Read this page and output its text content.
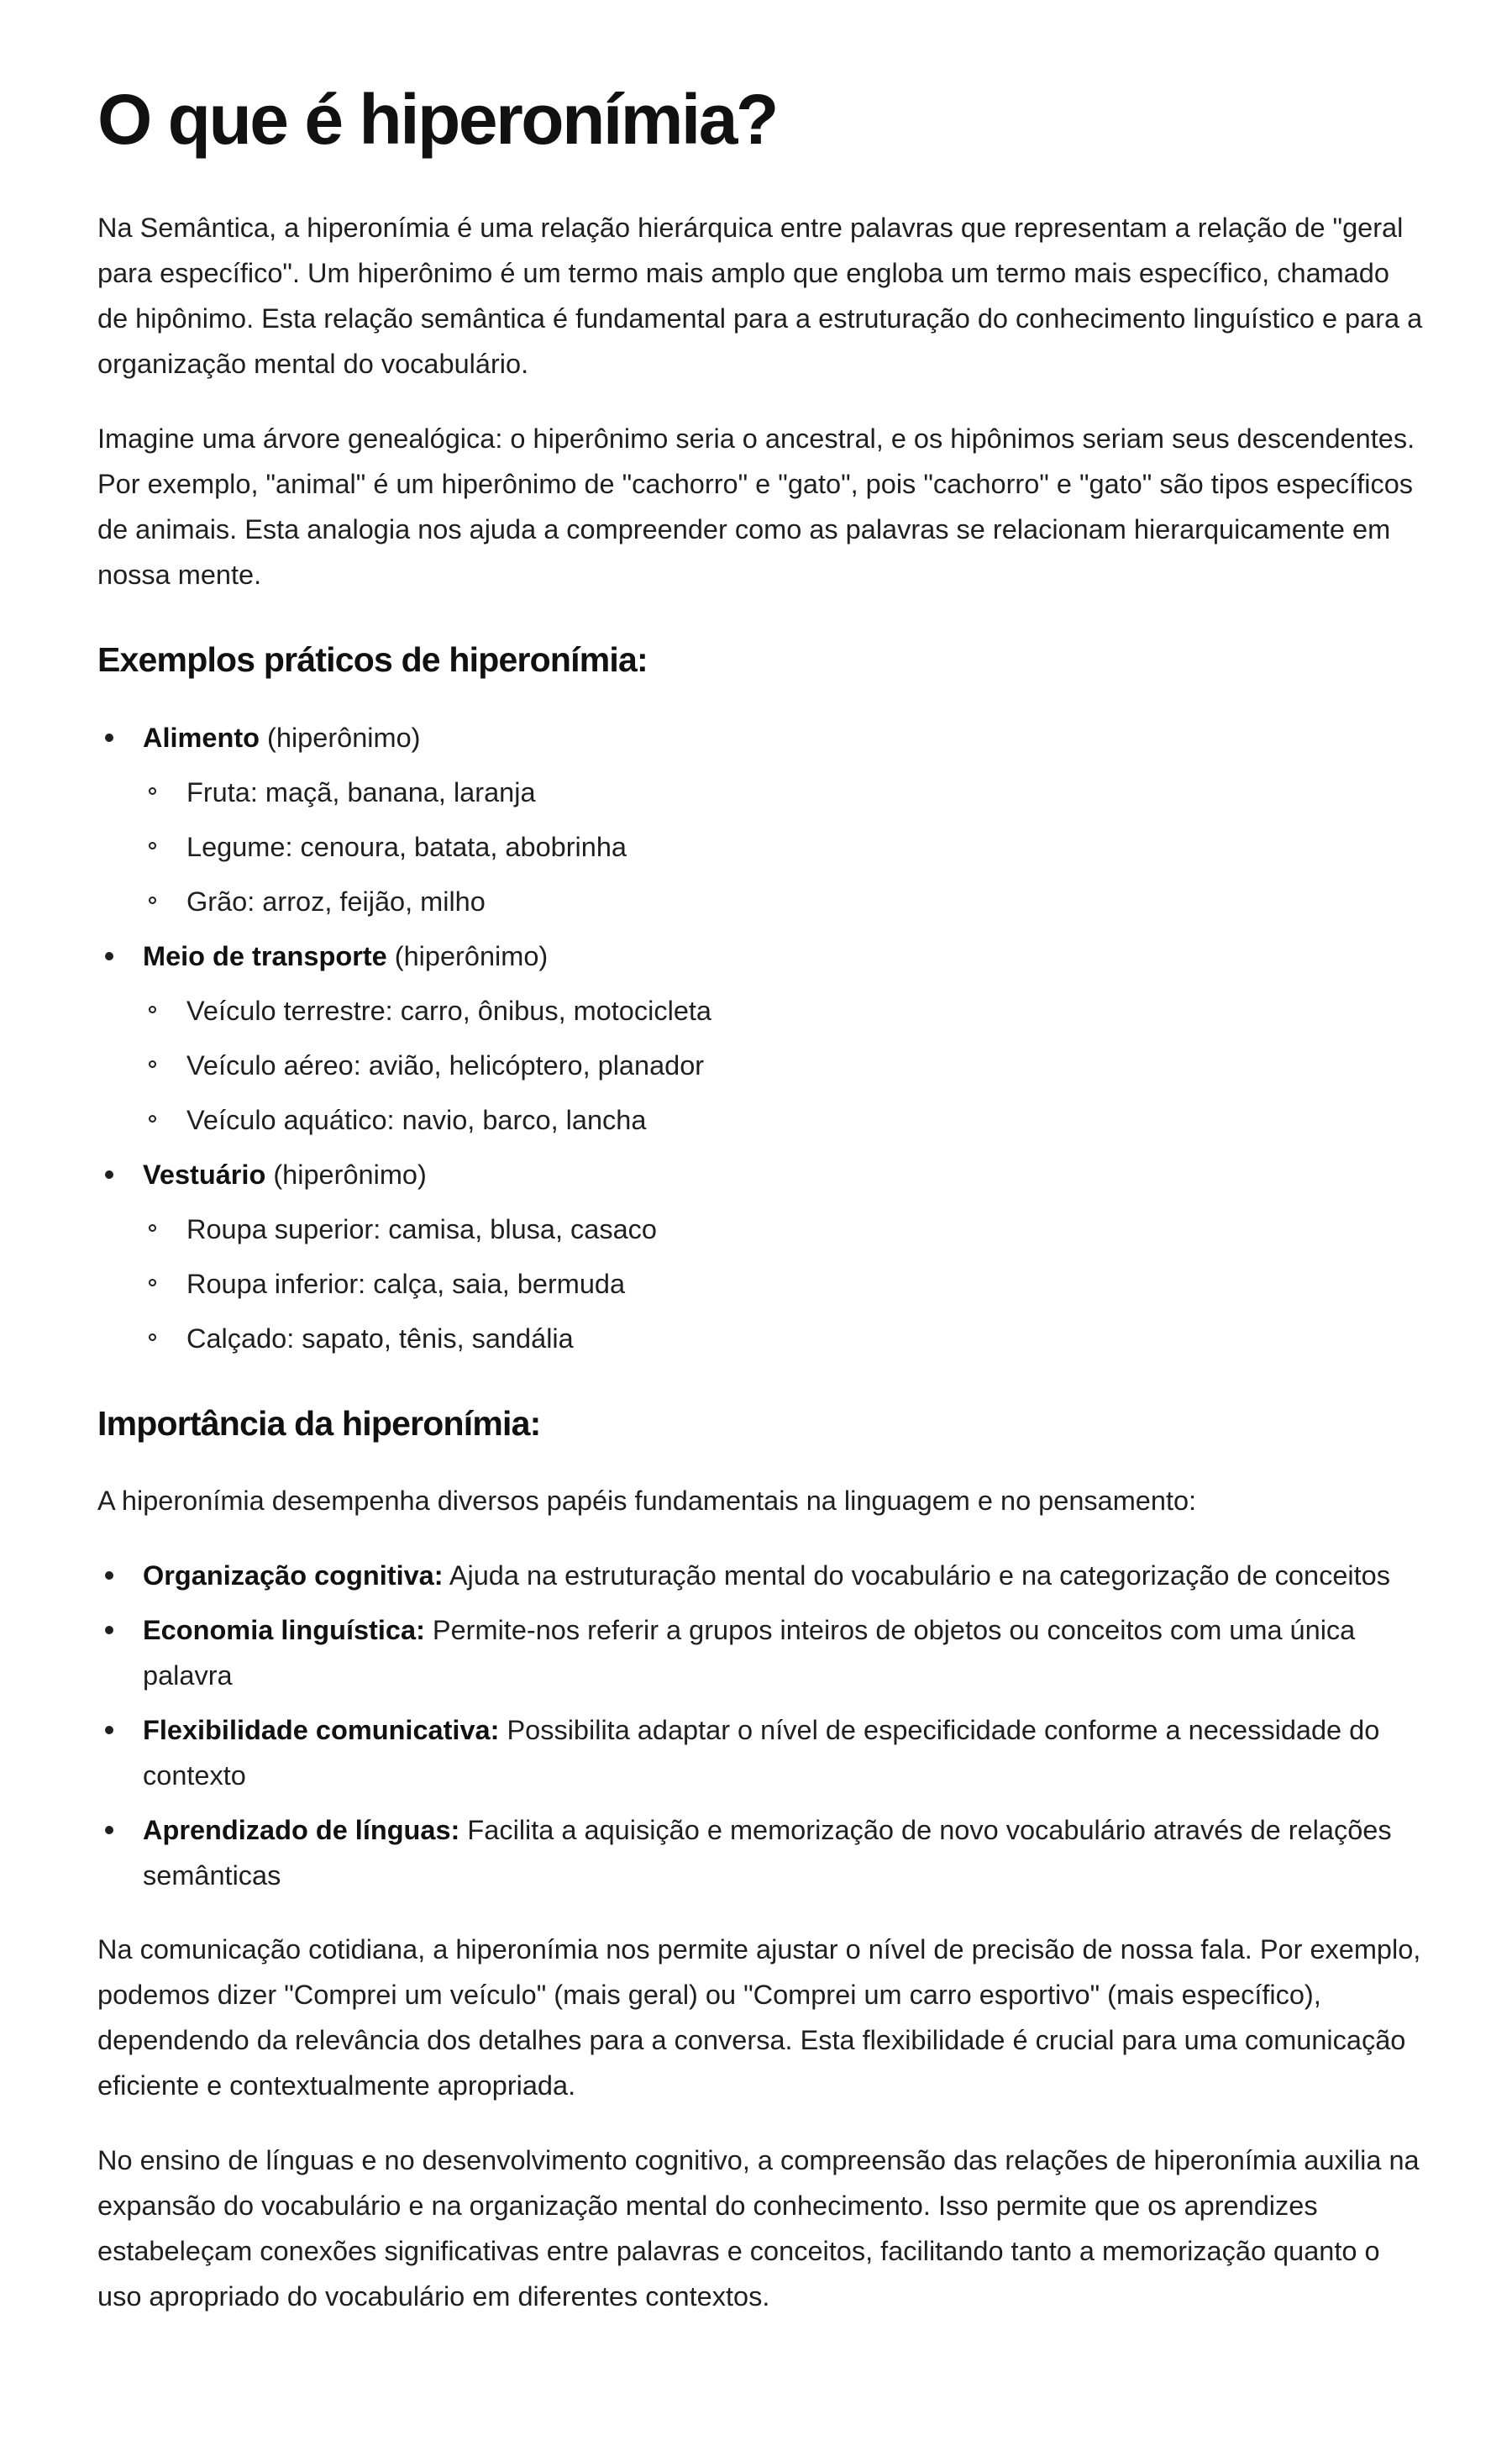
O que é hiperonímia?

Na Semântica, a hiperonímia é uma relação hierárquica entre palavras que representam a relação de "geral para específico". Um hiperônimo é um termo mais amplo que engloba um termo mais específico, chamado de hipônimo. Esta relação semântica é fundamental para a estruturação do conhecimento linguístico e para a organização mental do vocabulário.

Imagine uma árvore genealógica: o hiperônimo seria o ancestral, e os hipônimos seriam seus descendentes. Por exemplo, "animal" é um hiperônimo de "cachorro" e "gato", pois "cachorro" e "gato" são tipos específicos de animais. Esta analogia nos ajuda a compreender como as palavras se relacionam hierarquicamente em nossa mente.

Exemplos práticos de hiperonímia:
Alimento (hiperônimo)
Fruta: maçã, banana, laranja
Legume: cenoura, batata, abobrinha
Grão: arroz, feijão, milho
Meio de transporte (hiperônimo)
Veículo terrestre: carro, ônibus, motocicleta
Veículo aéreo: avião, helicóptero, planador
Veículo aquático: navio, barco, lancha
Vestuário (hiperônimo)
Roupa superior: camisa, blusa, casaco
Roupa inferior: calça, saia, bermuda
Calçado: sapato, tênis, sandália
Importância da hiperonímia:

A hiperonímia desempenha diversos papéis fundamentais na linguagem e no pensamento:

Organização cognitiva: Ajuda na estruturação mental do vocabulário e na categorização de conceitos
Economia linguística: Permite-nos referir a grupos inteiros de objetos ou conceitos com uma única palavra
Flexibilidade comunicativa: Possibilita adaptar o nível de especificidade conforme a necessidade do contexto
Aprendizado de línguas: Facilita a aquisição e memorização de novo vocabulário através de relações semânticas

Na comunicação cotidiana, a hiperonímia nos permite ajustar o nível de precisão de nossa fala. Por exemplo, podemos dizer "Comprei um veículo" (mais geral) ou "Comprei um carro esportivo" (mais específico), dependendo da relevância dos detalhes para a conversa. Esta flexibilidade é crucial para uma comunicação eficiente e contextualmente apropriada.

No ensino de línguas e no desenvolvimento cognitivo, a compreensão das relações de hiperonímia auxilia na expansão do vocabulário e na organização mental do conhecimento. Isso permite que os aprendizes estabeleçam conexões significativas entre palavras e conceitos, facilitando tanto a memorização quanto o uso apropriado do vocabulário em diferentes contextos.
